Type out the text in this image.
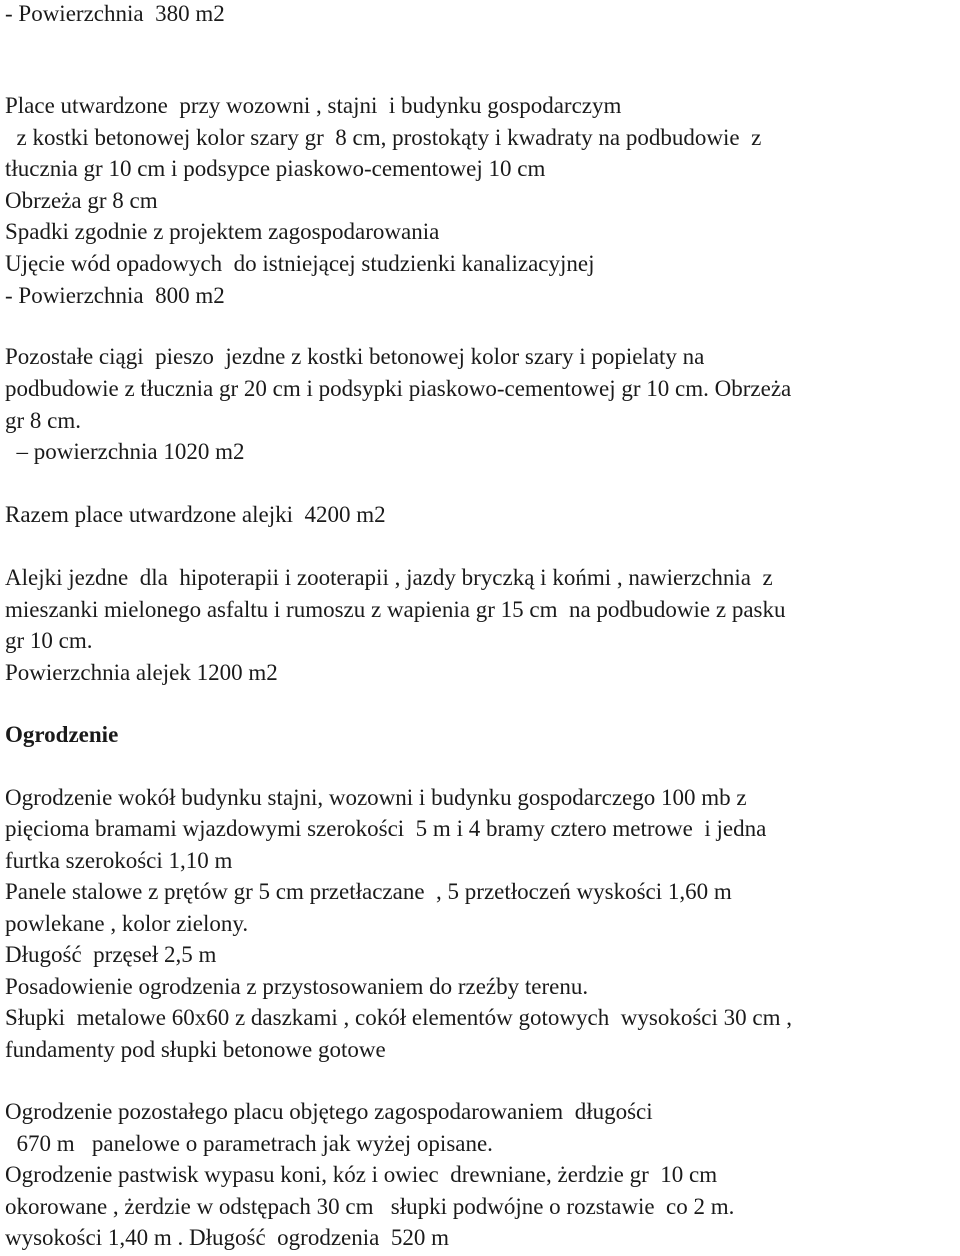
- Powierzchnia  380 m2
Place utwardzone  przy wozowni , stajni  i budynku gospodarczym
z kostki betonowej kolor szary gr  8 cm, prostokąty i kwadraty na podbudowie  z
tłucznia gr 10 cm i podsypce piaskowo-cementowej 10 cm
Obrzeża gr 8 cm
Spadki zgodnie z projektem zagospodarowania
Ujęcie wód opadowych  do istniejącej studzienki kanalizacyjnej
- Powierzchnia  800 m2
Pozostałe ciągi  pieszo  jezdne z kostki betonowej kolor szary i popielaty na
podbudowie z tłucznia gr 20 cm i podsypki piaskowo-cementowej gr 10 cm. Obrzeża
gr 8 cm.
– powierzchnia 1020 m2
Razem place utwardzone alejki  4200 m2
Alejki jezdne  dla  hipoterapii i zooterapii , jazdy bryczką i końmi , nawierzchnia  z
mieszanki mielonego asfaltu i rumoszu z wapienia gr 15 cm  na podbudowie z pasku
gr 10 cm.
Powierzchnia alejek 1200 m2
Ogrodzenie
Ogrodzenie wokół budynku stajni, wozowni i budynku gospodarczego 100 mb z
pięcioma bramami wjazdowymi szerokości  5 m i 4 bramy cztero metrowe  i jedna
furtka szerokości 1,10 m
Panele stalowe z prętów gr 5 cm przetłaczane  , 5 przetłoczeń wyskości 1,60 m
powlekane , kolor zielony.
Długość  przęseł 2,5 m
Posadowienie ogrodzenia z przystosowaniem do rzeźby terenu.
Słupki  metalowe 60x60 z daszkami , cokół elementów gotowych  wysokości 30 cm ,
fundamenty pod słupki betonowe gotowe
Ogrodzenie pozostałego placu objętego zagospodarowaniem  długości
670 m   panelowe o parametrach jak wyżej opisane.
Ogrodzenie pastwisk wypasu koni, kóz i owiec  drewniane, żerdzie gr  10 cm
okorowane , żerdzie w odstępach 30 cm   słupki podwójne o rozstawie  co 2 m.
wysokości 1,40 m . Długość  ogrodzenia  520 m
